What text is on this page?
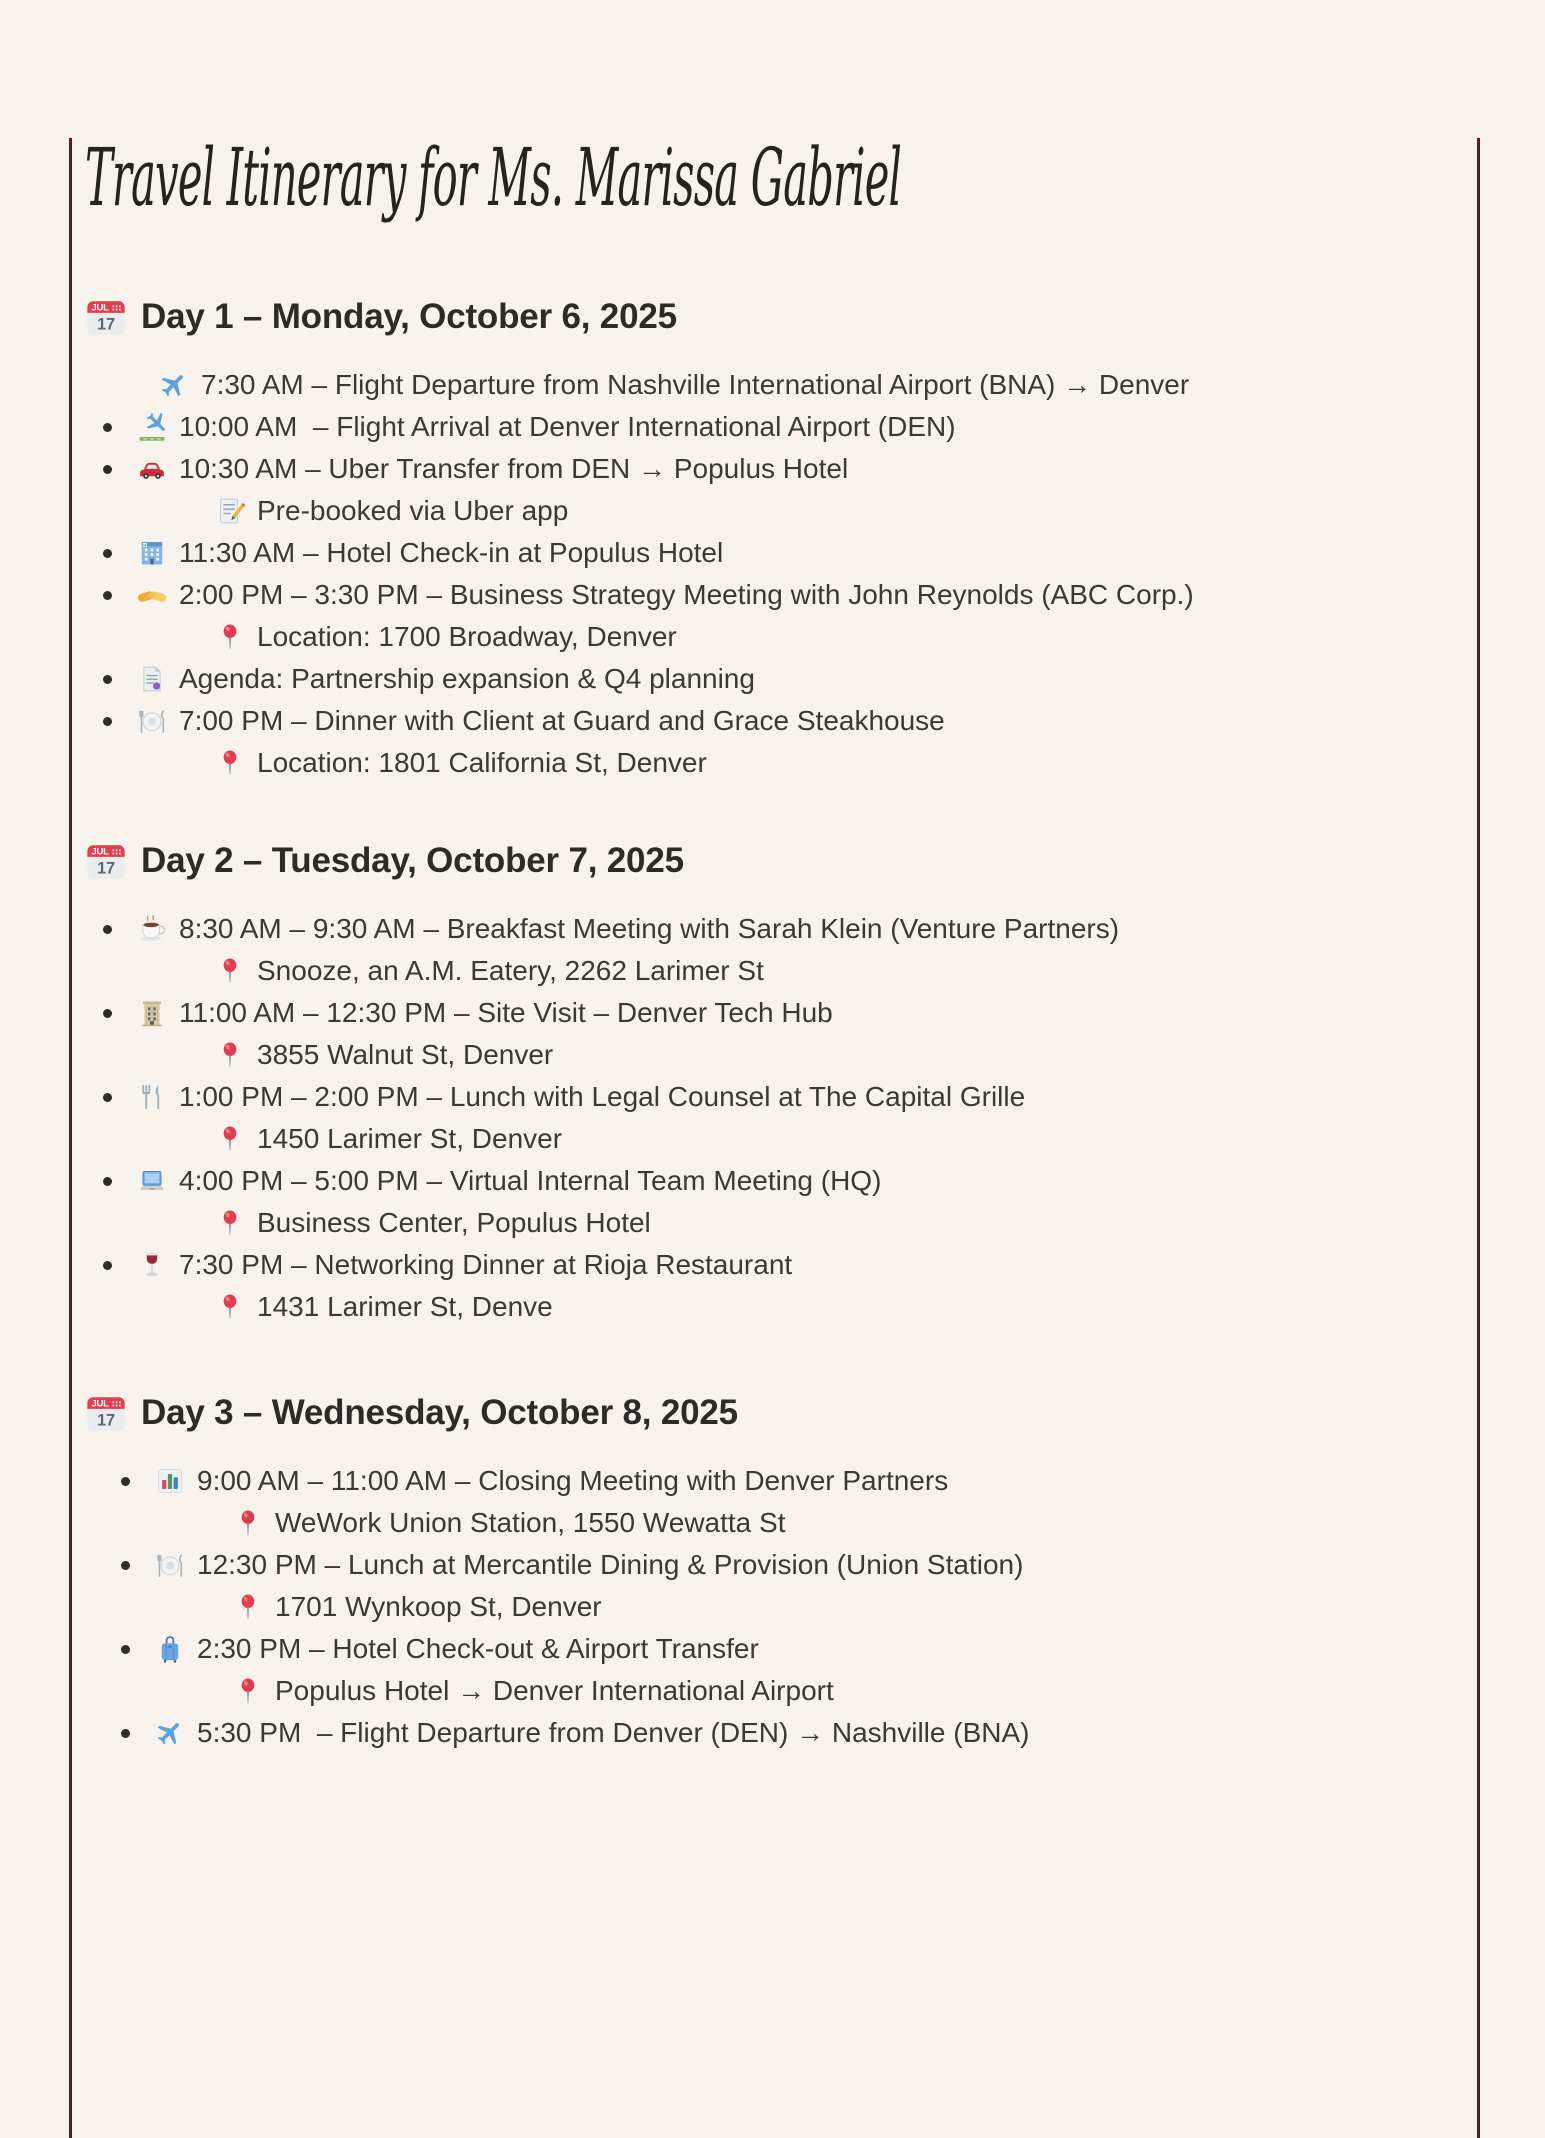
Travel Itinerary for Ms. Marissa Gabriel
JUL
17 Day 1 – Monday, October 6, 2025
7:30 AM – Flight Departure from Nashville International Airport (BNA) → Denver
10:00 AM  – Flight Arrival at Denver International Airport (DEN)
10:30 AM – Uber Transfer from DEN → Populus Hotel
Pre-booked via Uber app
H 11:30 AM – Hotel Check-in at Populus Hotel
2:00 PM – 3:30 PM – Business Strategy Meeting with John Reynolds (ABC Corp.)
Location: 1700 Broadway, Denver
Agenda: Partnership expansion & Q4 planning
7:00 PM – Dinner with Client at Guard and Grace Steakhouse
Location: 1801 California St, Denver
JUL
17 Day 2 – Tuesday, October 7, 2025
8:30 AM – 9:30 AM – Breakfast Meeting with Sarah Klein (Venture Partners)
Snooze, an A.M. Eatery, 2262 Larimer St
11:00 AM – 12:30 PM – Site Visit – Denver Tech Hub
3855 Walnut St, Denver
1:00 PM – 2:00 PM – Lunch with Legal Counsel at The Capital Grille
1450 Larimer St, Denver
4:00 PM – 5:00 PM – Virtual Internal Team Meeting (HQ)
Business Center, Populus Hotel
7:30 PM – Networking Dinner at Rioja Restaurant
1431 Larimer St, Denve
JUL
17 Day 3 – Wednesday, October 8, 2025
9:00 AM – 11:00 AM – Closing Meeting with Denver Partners
WeWork Union Station, 1550 Wewatta St
12:30 PM – Lunch at Mercantile Dining & Provision (Union Station)
1701 Wynkoop St, Denver
2:30 PM – Hotel Check-out & Airport Transfer
Populus Hotel → Denver International Airport
5:30 PM  – Flight Departure from Denver (DEN) → Nashville (BNA)
